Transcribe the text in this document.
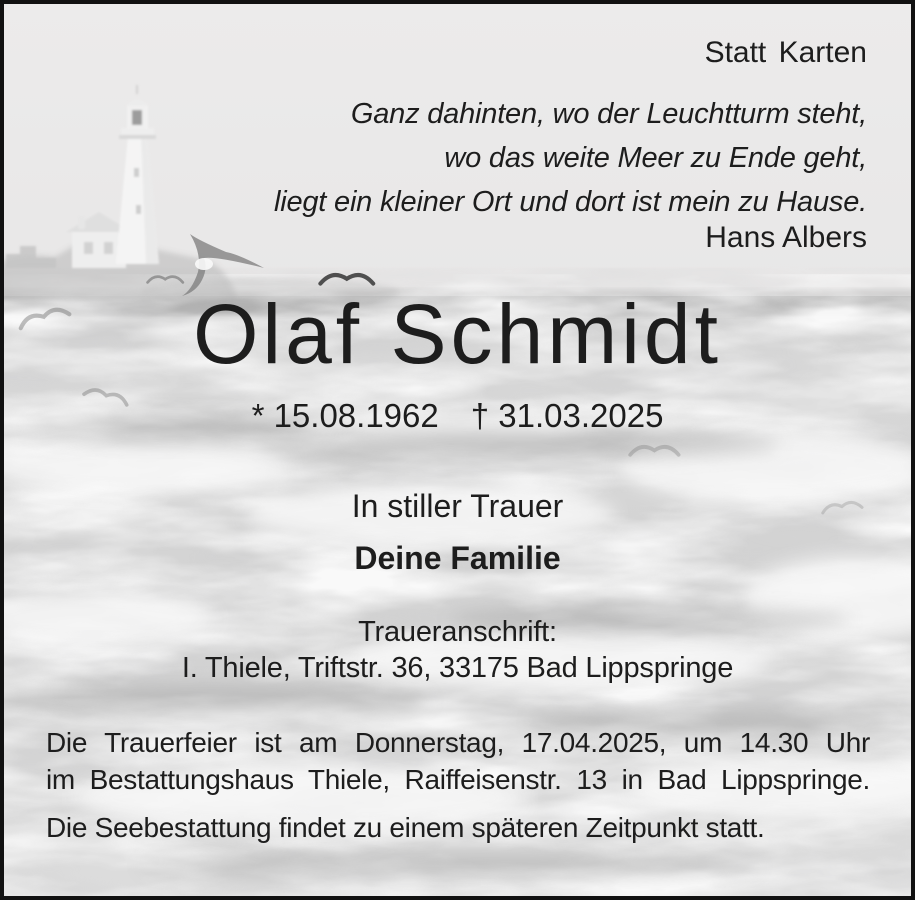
Statt Karten
Ganz dahinten, wo der Leuchtturm steht,
wo das weite Meer zu Ende geht,
liegt ein kleiner Ort und dort ist mein zu Hause.
Hans Albers
Olaf Schmidt
* 15.08.1962 † 31.03.2025
In stiller Trauer
Deine Familie
Traueranschrift:
I. Thiele, Triftstr. 36, 33175 Bad Lippspringe
Die Trauerfeier ist am Donnerstag, 17.04.2025, um 14.30 Uhr
im Bestattungshaus Thiele, Raiffeisenstr. 13 in Bad Lippspringe.
Die Seebestattung findet zu einem späteren Zeitpunkt statt.
